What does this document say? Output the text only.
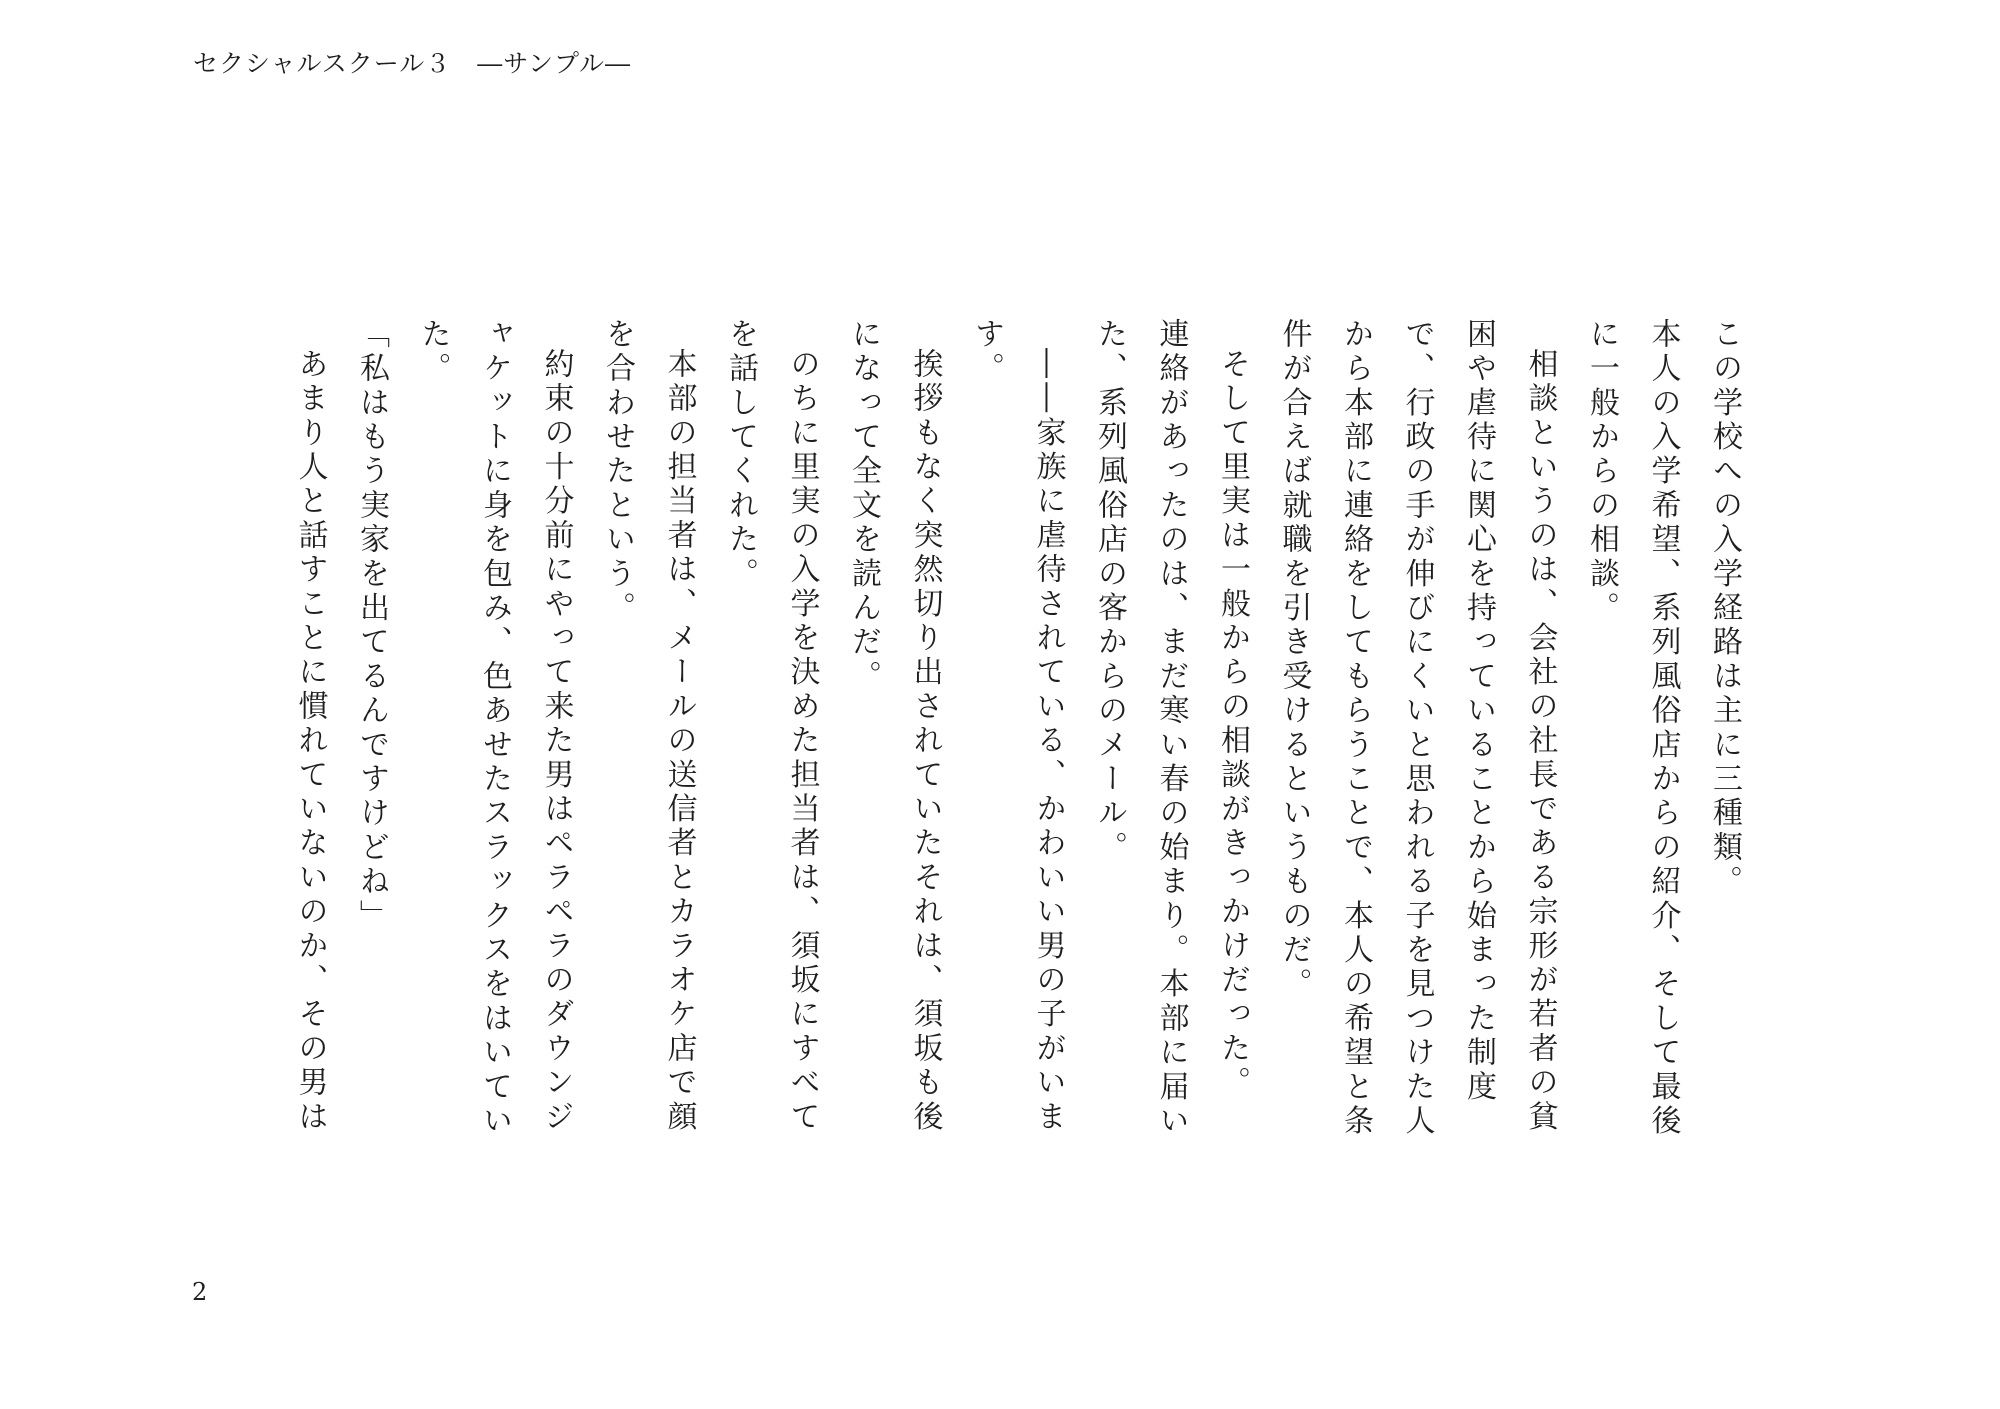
セクシャルスクール３　―サンプル―

この学校への入学経路は主に三種類。

本人の入学希望、系列風俗店からの紹介、そして最後に一般からの相談。

相談というのは、会社の社長である宗形が若者の貧困や虐待に関心を持っていることから始まった制度で、行政の手が伸びにくいと思われる子を見つけた人から本部に連絡をしてもらうことで、本人の希望と条件が合えば就職を引き受けるというものだ。

そして里実は一般からの相談がきっかけだった。

連絡があったのは、まだ寒い春の始まり。本部に届いた、系列風俗店の客からのメール。

――家族に虐待されている、かわいい男の子がいます。

挨拶もなく突然切り出されていたそれは、須坂も後になって全文を読んだ。

のちに里実の入学を決めた担当者は、須坂にすべてを話してくれた。

本部の担当者は、メールの送信者とカラオケ店で顔を合わせたという。

約束の十分前にやって来た男はペラペラのダウンジャケットに身を包み、色あせたスラックスをはいていた。

「私はもう実家を出てるんですけどね」

あまり人と話すことに慣れていないのか、その男は

2
